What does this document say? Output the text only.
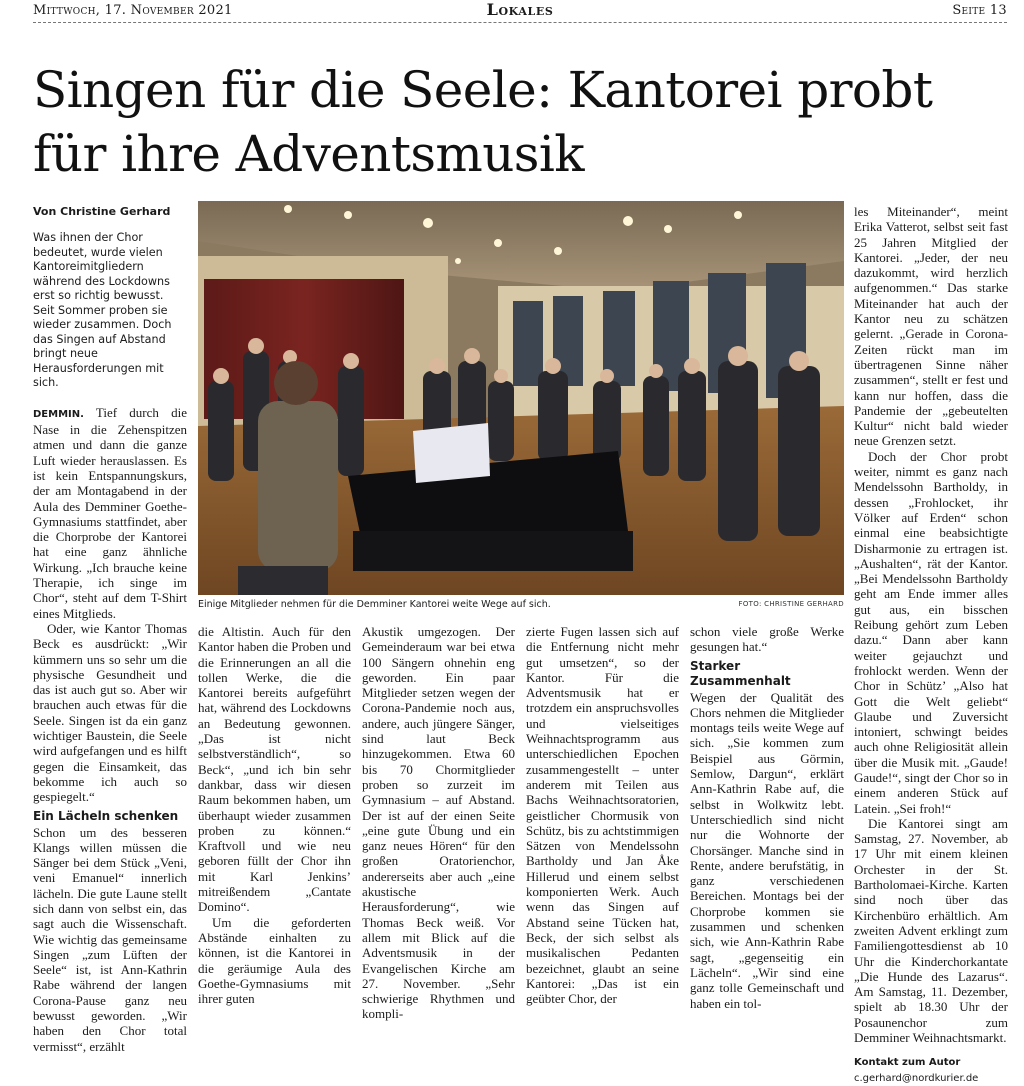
Mittwoch, 17. November 2021	Lokales	Seite 13
Singen für die Seele: Kantorei probt für ihre Adventsmusik
Von Christine Gerhard
Was ihnen der Chor bedeutet, wurde vielen Kantoreimitgliedern während des Lockdowns erst so richtig bewusst. Seit Sommer proben sie wieder zusammen. Doch das Singen auf Abstand bringt neue Herausforderungen mit sich.

DEMMIN. Tief durch die Nase in die Zehenspitzen atmen und dann die ganze Luft wieder herauslassen. Es ist kein Entspannungskurs, der am Montagabend in der Aula des Demminer Goethe-Gymnasiums stattfindet, aber die Chorprobe der Kantorei hat eine ganz ähnliche Wirkung. „Ich brauche keine Therapie, ich singe im Chor“, steht auf dem T-Shirt eines Mitglieds.

Oder, wie Kantor Thomas Beck es ausdrückt: „Wir kümmern uns so sehr um die physische Gesundheit und das ist auch gut so. Aber wir brauchen auch etwas für die Seele. Singen ist da ein ganz wichtiger Baustein, die Seele wird aufgefangen und es hilft gegen die Einsamkeit, das bekomme ich auch so gespiegelt.“

Ein Lächeln schenken

Schon um des besseren Klangs willen müssen die Sänger bei dem Stück „Veni, veni Emanuel“ innerlich lächeln. Die gute Laune stellt sich dann von selbst ein, das sagt auch die Wissenschaft. Wie wichtig das gemeinsame Singen „zum Lüften der Seele“ ist, ist Ann-Kathrin Rabe während der langen Corona-Pause ganz neu bewusst geworden. „Wir haben den Chor total vermisst“, erzählt

Einige Mitglieder nehmen für die Demminer Kantorei weite Wege auf sich.	FOTO: CHRISTINE GERHARD

die Altistin. Auch für den Kantor haben die Proben und die Erinnerungen an all die tollen Werke, die die Kantorei bereits aufgeführt hat, während des Lockdowns an Bedeutung gewonnen. „Das ist nicht selbstverständlich“, so Beck“, „und ich bin sehr dankbar, dass wir diesen Raum bekommen haben, um überhaupt wieder zusammen proben zu können.“ Kraftvoll und wie neu geboren füllt der Chor ihn mit Karl Jenkins’ mitreißendem „Cantate Domino“.

Um die geforderten Abstände einhalten zu können, ist die Kantorei in die geräumige Aula des Goethe-Gymnasiums mit ihrer guten

Akustik umgezogen. Der Gemeinderaum war bei etwa 100 Sängern ohnehin eng geworden. Ein paar Mitglieder setzen wegen der Corona-Pandemie noch aus, andere, auch jüngere Sänger, sind laut Beck hinzugekommen. Etwa 60 bis 70 Chormitglieder proben so zurzeit im Gymnasium – auf Abstand. Der ist auf der einen Seite „eine gute Übung und ein ganz neues Hören“ für den großen Oratorienchor, andererseits aber auch „eine akustische Herausforderung“, wie Thomas Beck weiß. Vor allem mit Blick auf die Adventsmusik in der Evangelischen Kirche am 27. November. „Sehr schwierige Rhythmen und kompli-

zierte Fugen lassen sich auf die Entfernung nicht mehr gut umsetzen“, so der Kantor. Für die Adventsmusik hat er trotzdem ein anspruchsvolles und vielseitiges Weihnachtsprogramm aus unterschiedlichen Epochen zusammengestellt – unter anderem mit Teilen aus Bachs Weihnachtsoratorien, geistlicher Chormusik von Schütz, bis zu achtstimmigen Sätzen von Mendelssohn Bartholdy und Jan Åke Hillerud und einem selbst komponierten Werk. Auch wenn das Singen auf Abstand seine Tücken hat, Beck, der sich selbst als musikalischen Pedanten bezeichnet, glaubt an seine Kantorei: „Das ist ein geübter Chor, der

schon viele große Werke gesungen hat.“

Starker Zusammenhalt

Wegen der Qualität des Chors nehmen die Mitglieder montags teils weite Wege auf sich. „Sie kommen zum Beispiel aus Görmin, Semlow, Dargun“, erklärt Ann-Kathrin Rabe auf, die selbst in Wolkwitz lebt. Unterschiedlich sind nicht nur die Wohnorte der Chorsänger. Manche sind in Rente, andere berufstätig, in ganz verschiedenen Bereichen. Montags bei der Chorprobe kommen sie zusammen und schenken sich, wie Ann-Kathrin Rabe sagt, „gegenseitig ein Lächeln“. „Wir sind eine ganz tolle Gemeinschaft und haben ein tol-

les Miteinander“, meint Erika Vatterot, selbst seit fast 25 Jahren Mitglied der Kantorei. „Jeder, der neu dazukommt, wird herzlich aufgenommen.“ Das starke Miteinander hat auch der Kantor neu zu schätzen gelernt. „Gerade in Corona-Zeiten rückt man im übertragenen Sinne näher zusammen“, stellt er fest und kann nur hoffen, dass die Pandemie der „gebeutelten Kultur“ nicht bald wieder neue Grenzen setzt.

Doch der Chor probt weiter, nimmt es ganz nach Mendelssohn Bartholdy, in dessen „Frohlocket, ihr Völker auf Erden“ schon einmal eine beabsichtigte Disharmonie zu ertragen ist. „Aushalten“, rät der Kantor. „Bei Mendelssohn Bartholdy geht am Ende immer alles gut aus, ein bisschen Reibung gehört zum Leben dazu.“ Dann aber kann weiter gejauchzt und frohlockt werden. Wenn der Chor in Schütz’ „Also hat Gott die Welt geliebt“ Glaube und Zuversicht intoniert, schwingt beides auch ohne Religiosität allein über die Musik mit. „Gaude! Gaude!“, singt der Chor so in einem anderen Stück auf Latein. „Sei froh!“

Die Kantorei singt am Samstag, 27. November, ab 17 Uhr mit einem kleinen Orchester in der St. Bartholomaei-Kirche. Karten sind noch über das Kirchenbüro erhältlich. Am zweiten Advent erklingt zum Familiengottesdienst ab 10 Uhr die Kinderchorkantate „Die Hunde des Lazarus“. Am Samstag, 11. Dezember, spielt ab 18.30 Uhr der Posaunenchor zum Demminer Weihnachtsmarkt.

Kontakt zum Autor
c.gerhard@nordkurier.de
